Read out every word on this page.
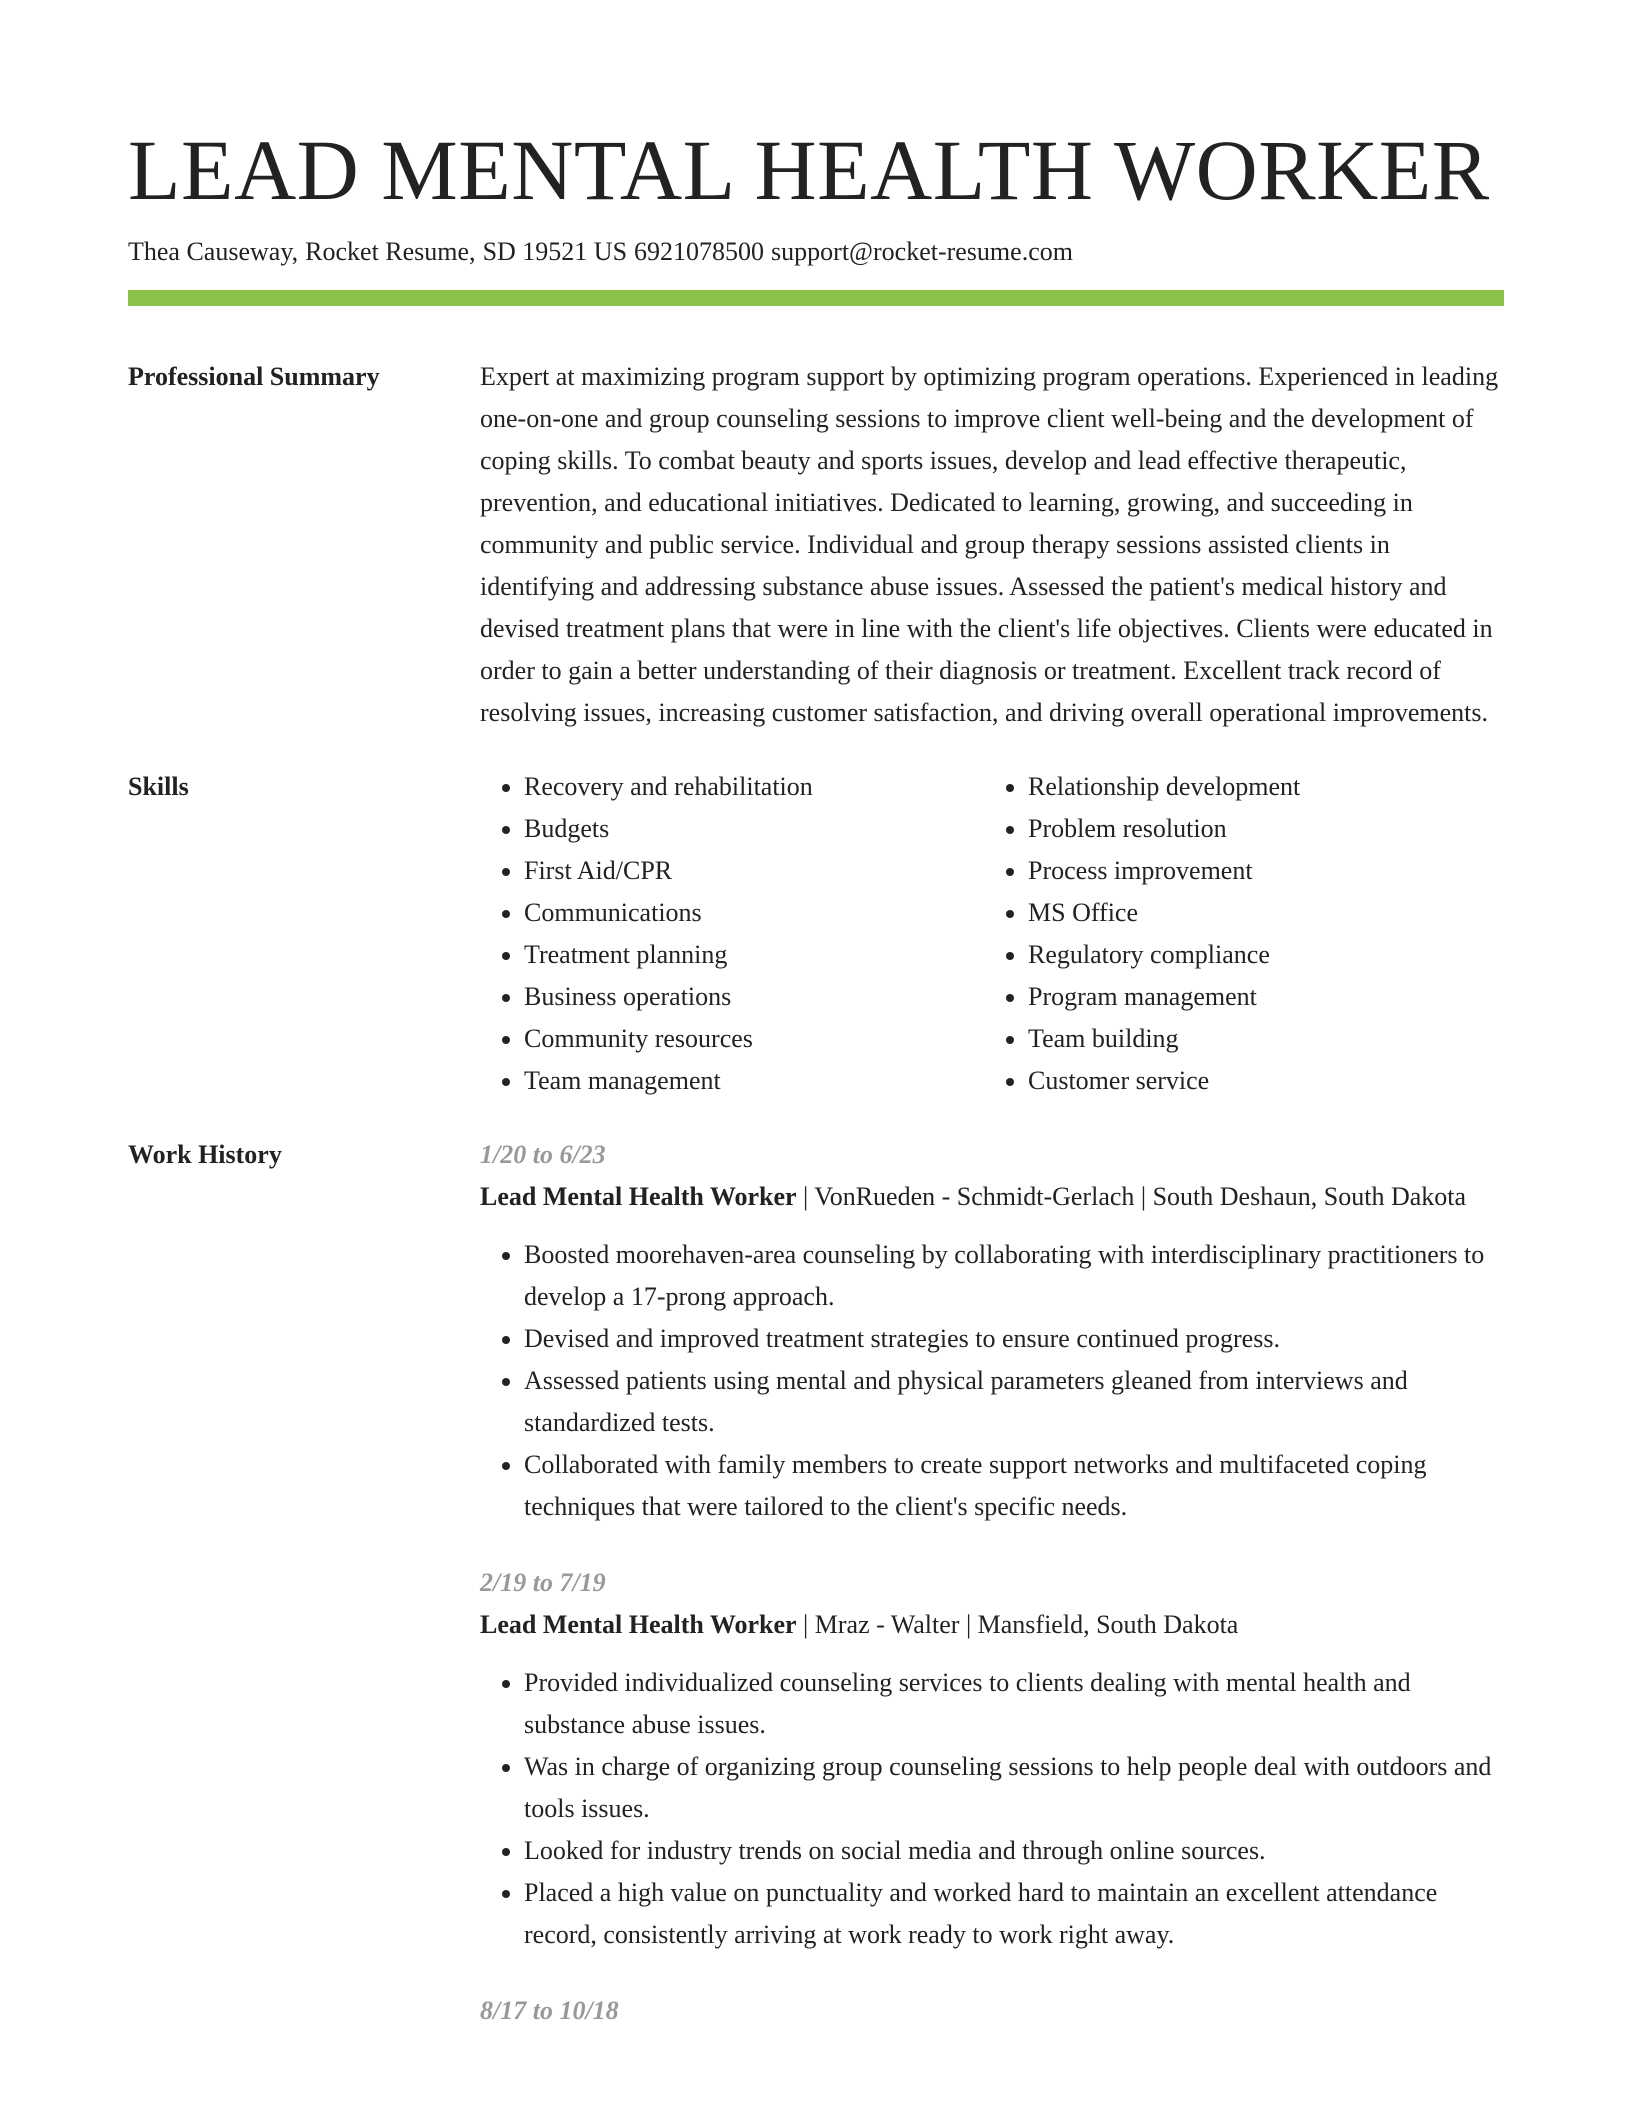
LEAD MENTAL HEALTH WORKER
Thea Causeway, Rocket Resume, SD 19521 US 6921078500 support@rocket-resume.com
Professional Summary	Expert at maximizing program support by optimizing program operations. Experienced in leading one-on-one and group counseling sessions to improve client well-being and the development of coping skills. To combat beauty and sports issues, develop and lead effective therapeutic, prevention, and educational initiatives. Dedicated to learning, growing, and succeeding in community and public service. Individual and group therapy sessions assisted clients in identifying and addressing substance abuse issues. Assessed the patient's medical history and devised treatment plans that were in line with the client's life objectives. Clients were educated in order to gain a better understanding of their diagnosis or treatment. Excellent track record of resolving issues, increasing customer satisfaction, and driving overall operational improvements.

Skills
•	Recovery and rehabilitation
• Budgets
• First Aid/CPR
• Communications
• Treatment planning
• Business operations
• Community resources
• Team management
• Relationship development
• Problem resolution
• Process improvement
• MS Office
• Regulatory compliance
• Program management
• Team building
• Customer service
Work History	1/20 to 6/23
Lead Mental Health Worker | VonRueden - Schmidt-Gerlach | South Deshaun, South Dakota
• Boosted moorehaven-area counseling by collaborating with interdisciplinary practitioners to develop a 17-prong approach.
• Devised and improved treatment strategies to ensure continued progress.
• Assessed patients using mental and physical parameters gleaned from interviews and standardized tests.
• Collaborated with family members to create support networks and multifaceted coping techniques that were tailored to the client's specific needs.
2/19 to 7/19
Lead Mental Health Worker | Mraz - Walter | Mansfield, South Dakota
• Provided individualized counseling services to clients dealing with mental health and substance abuse issues.
• Was in charge of organizing group counseling sessions to help people deal with outdoors and tools issues.
• Looked for industry trends on social media and through online sources.
• Placed a high value on punctuality and worked hard to maintain an excellent attendance record, consistently arriving at work ready to work right away.
8/17 to 10/18
